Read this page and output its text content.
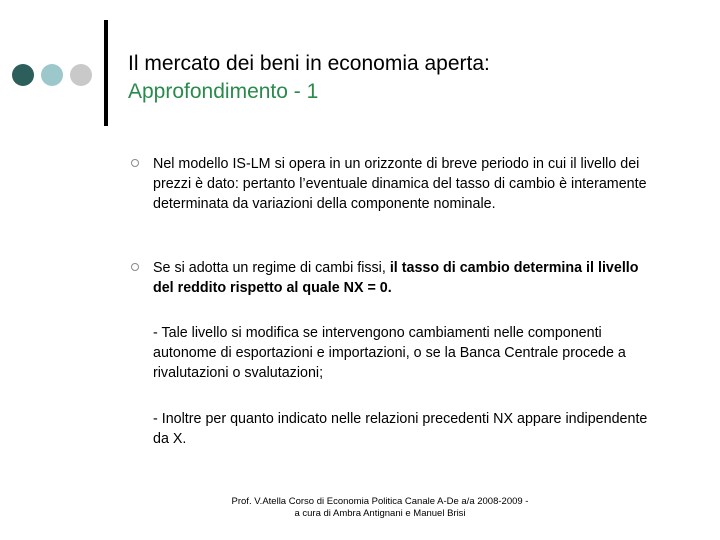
Il mercato dei beni in economia aperta:
Approfondimento - 1
Nel modello IS-LM si opera in un orizzonte di breve periodo in cui il livello dei prezzi è dato: pertanto l’eventuale dinamica del tasso di cambio è interamente determinata da variazioni della componente nominale.
Se si adotta un regime di cambi fissi, il tasso di cambio determina il livello del reddito rispetto al quale NX = 0.
- Tale livello si modifica se intervengono cambiamenti nelle componenti autonome di esportazioni e importazioni, o se la Banca Centrale procede a rivalutazioni o svalutazioni;
- Inoltre per quanto indicato nelle relazioni precedenti NX appare indipendente da X.
Prof. V.Atella Corso di Economia Politica Canale A-De a/a 2008-2009 -
a cura di Ambra Antignani e Manuel Brisi
